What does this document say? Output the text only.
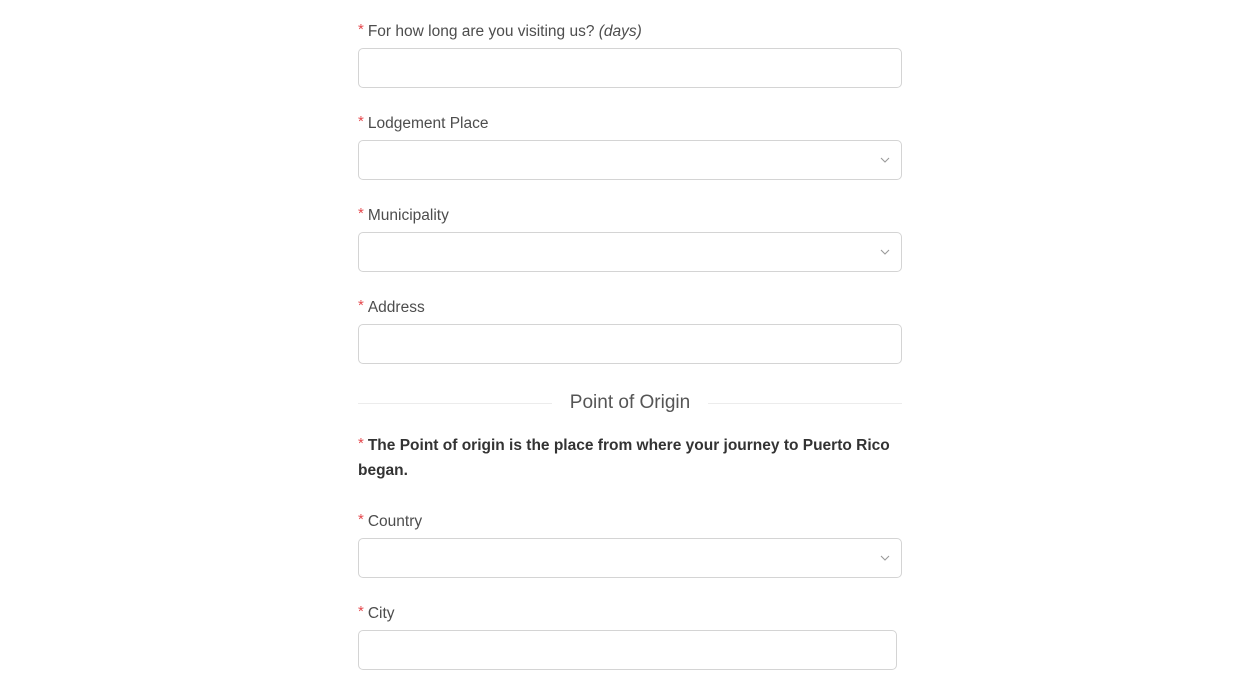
* For how long are you visiting us? (days)
* Lodgement Place
* Municipality
* Address
Point of Origin
* The Point of origin is the place from where your journey to Puerto Rico began.
* Country
* City
